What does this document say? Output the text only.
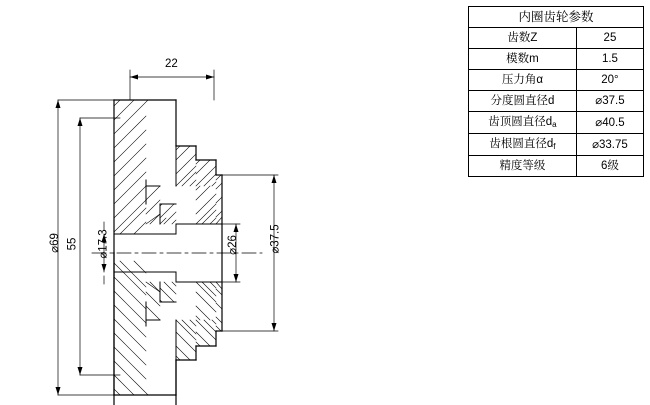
22
⌀69 55	⌀17.3	⌀26	⌀37.5
内圈齿轮参数	
齿数Z	25
模数m	1.5
压力角α	20°
分度圆直径d	⌀37.5
齿顶圆直径$d_a$	⌀40.5
齿根圆直径$d_f$	⌀33.75
精度等级	6级
